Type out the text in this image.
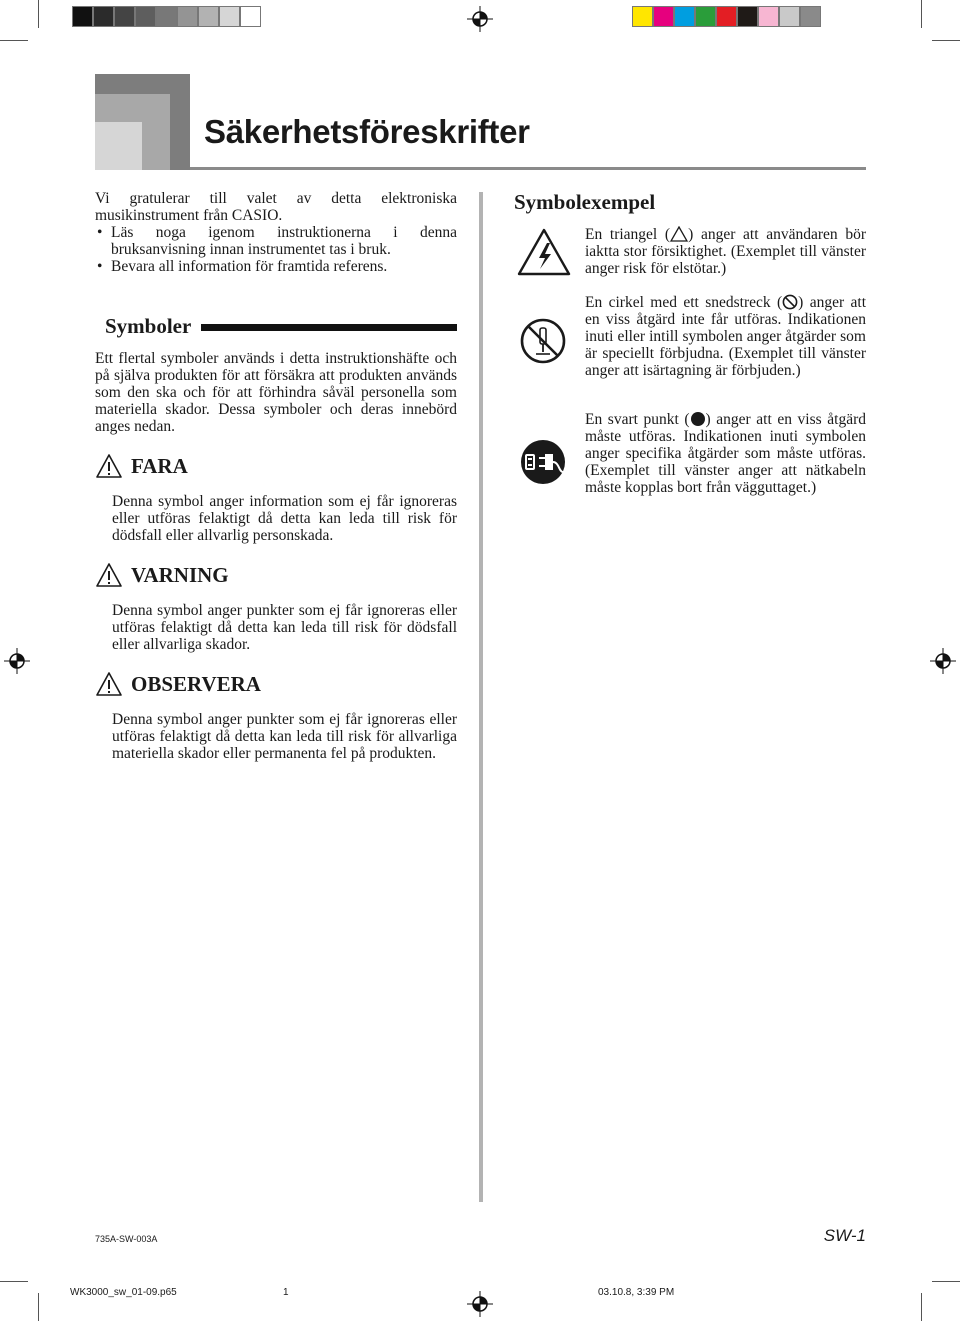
Säkerhetsföreskrifter

Vi gratulerar till valet av detta elektroniska musikinstrument från CASIO.

• Läs noga igenom instruktionerna i denna bruksanvisning innan instrumentet tas i bruk.

• Bevara all information för framtida referens.

Symboler

Ett flertal symboler används i detta instruktionshäfte och på själva produkten för att försäkra att produkten används som den ska och för att förhindra såväl personella som materiella skador. Dessa symboler och deras innebörd anges nedan.

FARA

Denna symbol anger information som ej får ignoreras eller utföras felaktigt då detta kan leda till risk för dödsfall eller allvarlig personskada.

VARNING

Denna symbol anger punkter som ej får ignoreras eller utföras felaktigt då detta kan leda till risk för dödsfall eller allvarliga skador.

OBSERVERA

Denna symbol anger punkter som ej får ignoreras eller utföras felaktigt då detta kan leda till risk för allvarliga materiella skador eller permanenta fel på produkten.

Symbolexempel

En triangel ( ) anger att användaren bör iaktta stor försiktighet. (Exemplet till vänster anger risk för elstötar.)

En cirkel med ett snedstreck ( ) anger att en viss åtgärd inte får utföras. Indikationen inuti eller intill symbolen anger åtgärder som är speciellt förbjudna. (Exemplet till vänster anger att isärtagning är förbjuden.)

En svart punkt ( ) anger att en viss åtgärd måste utföras. Indikationen inuti symbolen anger specifika åtgärder som måste utföras. (Exemplet till vänster anger att nätkabeln måste kopplas bort från vägguttaget.)

735A-SW-003A	SW-1
WK3000_sw_01-09.p65	1	03.10.8, 3:39 PM
